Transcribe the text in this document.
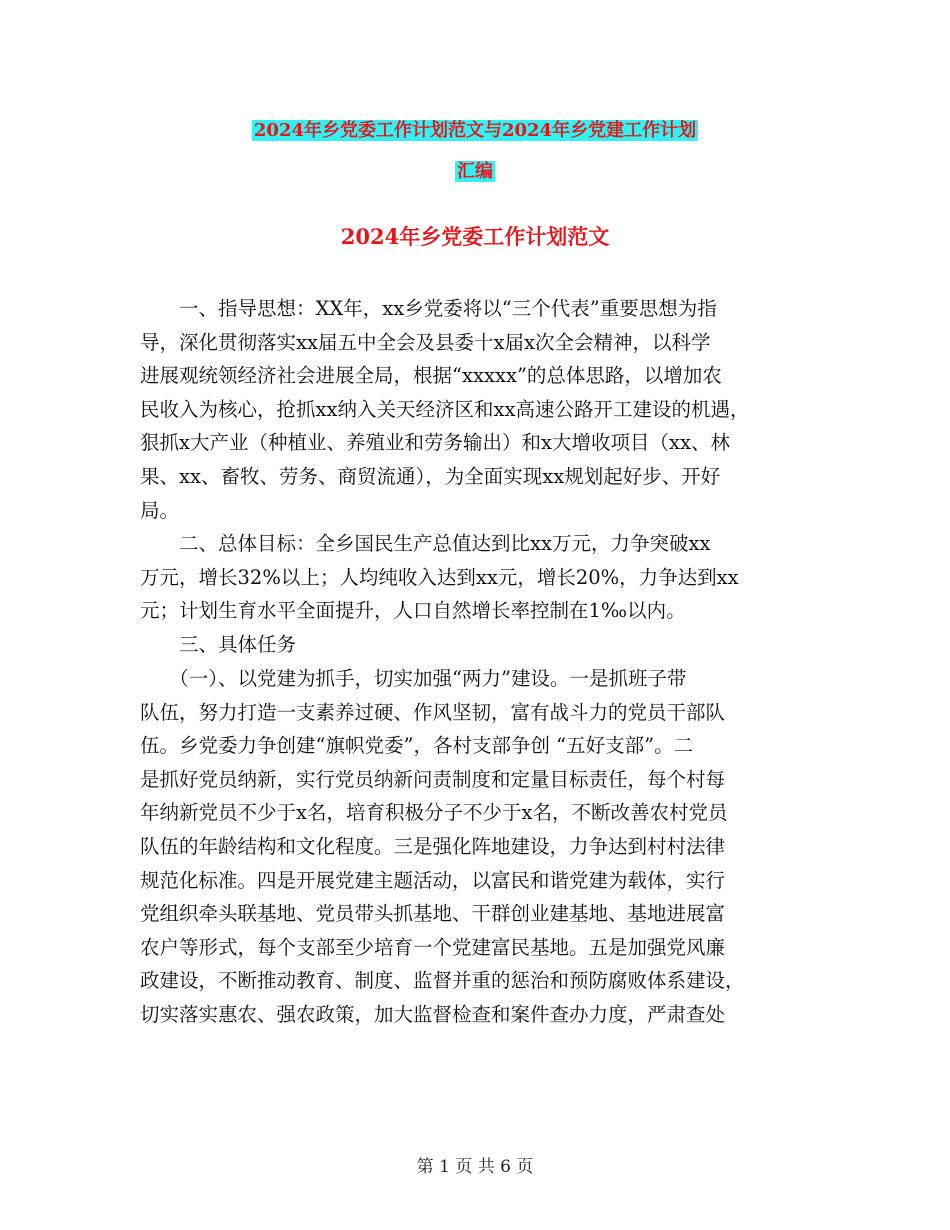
2024年乡党委工作计划范文与2024年乡党建工作计划
汇编
2024年乡党委工作计划范文
　　一、指导思想：XX年，xx乡党委将以“三个代表”重要思想为指
导，深化贯彻落实xx届五中全会及县委十x届x次全会精神，以科学
进展观统领经济社会进展全局，根据“xxxxx”的总体思路，以增加农
民收入为核心，抢抓xx纳入关天经济区和xx高速公路开工建设的机遇，
狠抓x大产业（种植业、养殖业和劳务输出）和x大增收项目（xx、林
果、xx、畜牧、劳务、商贸流通），为全面实现xx规划起好步、开好
局。
　　二、总体目标：全乡国民生产总值达到比xx万元，力争突破xx
万元，增长32%以上；人均纯收入达到xx元，增长20%，力争达到xx
元；计划生育水平全面提升，人口自然增长率控制在1‰以内。
　　三、具体任务
　　（一）、以党建为抓手，切实加强“两力”建设。一是抓班子带
队伍，努力打造一支素养过硬、作风坚韧，富有战斗力的党员干部队
伍。乡党委力争创建“旗帜党委”，各村支部争创 “五好支部”。二
是抓好党员纳新，实行党员纳新问责制度和定量目标责任，每个村每
年纳新党员不少于x名，培育积极分子不少于x名，不断改善农村党员
队伍的年龄结构和文化程度。三是强化阵地建设，力争达到村村法律
规范化标准。四是开展党建主题活动，以富民和谐党建为载体，实行
党组织牵头联基地、党员带头抓基地、干群创业建基地、基地进展富
农户等形式，每个支部至少培育一个党建富民基地。五是加强党风廉
政建设，不断推动教育、制度、监督并重的惩治和预防腐败体系建设，
切实落实惠农、强农政策，加大监督检查和案件查办力度，严肃查处
第 1 页 共 6 页
